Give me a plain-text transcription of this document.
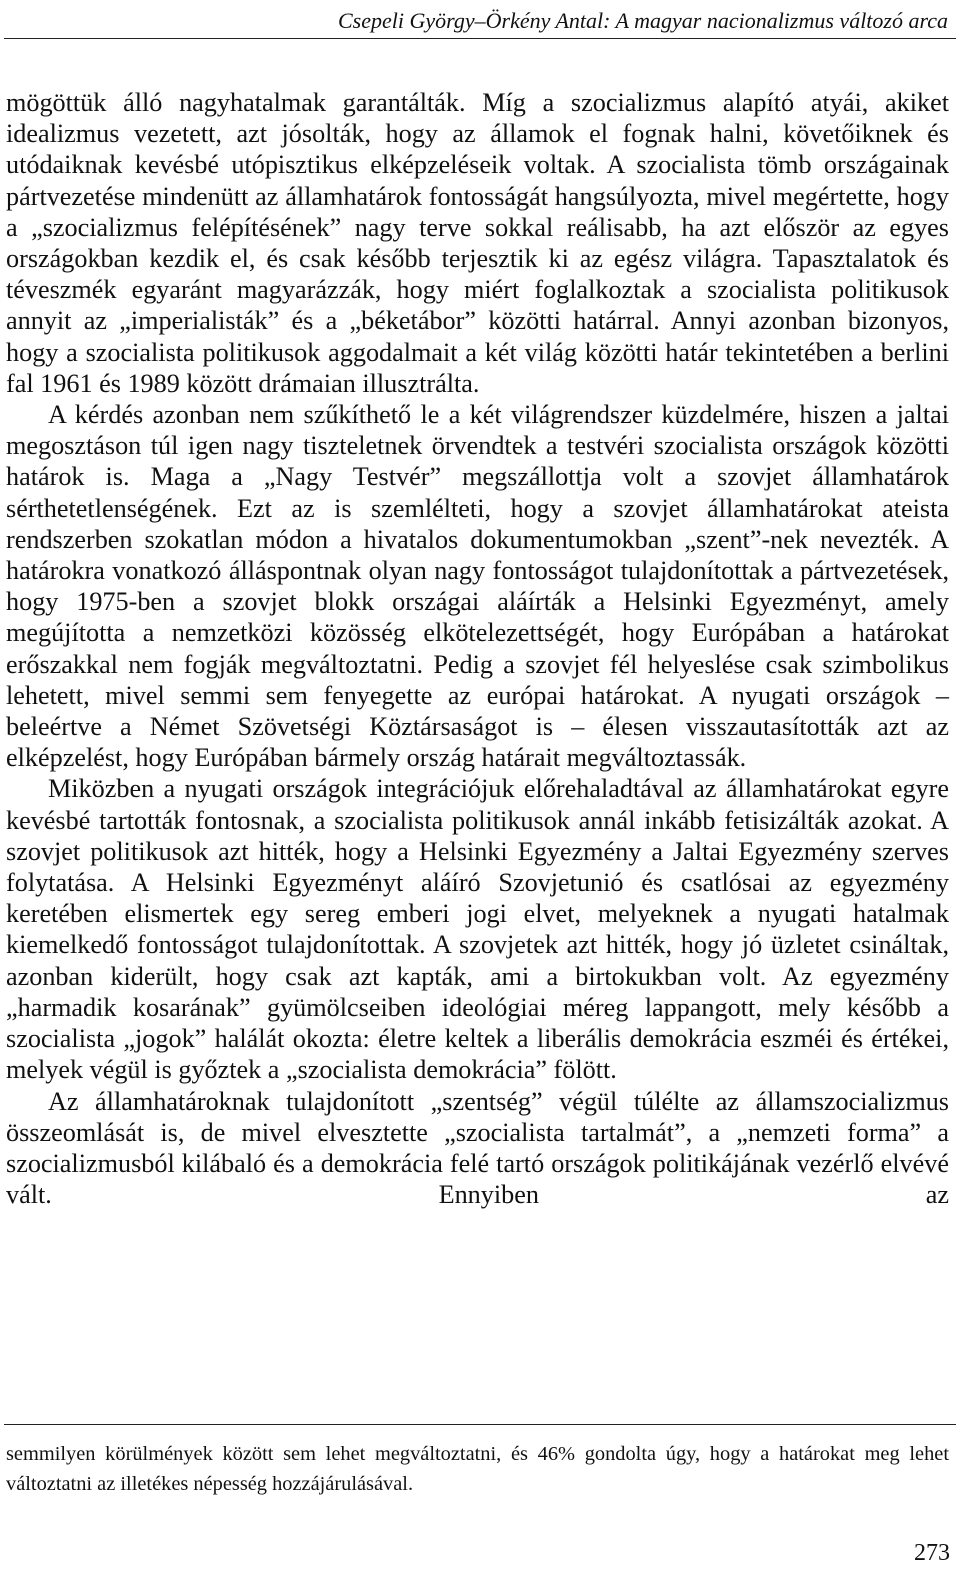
Csepeli György–Örkény Antal: A magyar nacionalizmus változó arca

mögöttük álló nagyhatalmak garantálták. Míg a szocializmus alapító atyái, akiket idealizmus vezetett, azt jósolták, hogy az államok el fognak halni, követőiknek és utódaiknak kevésbé utópisztikus elképzeléseik voltak. A szocialista tömb országainak pártvezetése mindenütt az államhatárok fontosságát hangsúlyozta, mivel megértette, hogy a „szocializmus felépítésének” nagy terve sokkal reálisabb, ha azt először az egyes országokban kezdik el, és csak később terjesztik ki az egész világra. Tapasztalatok és téveszmék egyaránt magyarázzák, hogy miért foglalkoztak a szocialista politikusok annyit az „imperialisták” és a „béketábor” közötti határral. Annyi azonban bizonyos, hogy a szocialista politikusok aggodalmait a két világ közötti határ tekintetében a berlini fal 1961 és 1989 között drámaian illusztrálta.

A kérdés azonban nem szűkíthető le a két világrendszer küzdelmére, hiszen a jaltai megosztáson túl igen nagy tiszteletnek örvendtek a testvéri szocialista országok közötti határok is. Maga a „Nagy Testvér” megszállottja volt a szovjet államhatárok sérthetetlenségének. Ezt az is szemlélteti, hogy a szovjet államhatárokat ateista rendszerben szokatlan módon a hivatalos dokumentumokban „szent”-nek nevezték. A határokra vonatkozó álláspontnak olyan nagy fontosságot tulajdonítottak a pártvezetések, hogy 1975-ben a szovjet blokk országai aláírták a Helsinki Egyezményt, amely megújította a nemzetközi közösség elkötelezettségét, hogy Európában a határokat erőszakkal nem fogják megváltoztatni. Pedig a szovjet fél helyeslése csak szimbolikus lehetett, mivel semmi sem fenyegette az európai határokat. A nyugati országok – beleértve a Német Szövetségi Köztársaságot is – élesen visszautasították azt az elképzelést, hogy Európában bármely ország határait megváltoztassák.

Miközben a nyugati országok integrációjuk előrehaladtával az államhatárokat egyre kevésbé tartották fontosnak, a szocialista politikusok annál inkább fetisizálták azokat. A szovjet politikusok azt hitték, hogy a Helsinki Egyezmény a Jaltai Egyezmény szerves folytatása. A Helsinki Egyezményt aláíró Szovjetunió és csatlósai az egyezmény keretében elismertek egy sereg emberi jogi elvet, melyeknek a nyugati hatalmak kiemelkedő fontosságot tulajdonítottak. A szovjetek azt hitték, hogy jó üzletet csináltak, azonban kiderült, hogy csak azt kapták, ami a birtokukban volt. Az egyezmény „harmadik kosarának” gyümölcseiben ideológiai méreg lappangott, mely később a szocialista „jogok” halálát okozta: életre keltek a liberális demokrácia eszméi és értékei, melyek végül is győztek a „szocialista demokrácia” fölött.

Az államhatároknak tulajdonított „szentség” végül túlélte az államszocializmus összeomlását is, de mivel elvesztette „szocialista tartalmát”, a „nemzeti forma” a szocializmusból kilábaló és a demokrácia felé tartó országok politikájának vezérlő elvévé vált. Ennyiben az

semmilyen körülmények között sem lehet megváltoztatni, és 46% gondolta úgy, hogy a határokat meg lehet változtatni az illetékes népesség hozzájárulásával.

273
